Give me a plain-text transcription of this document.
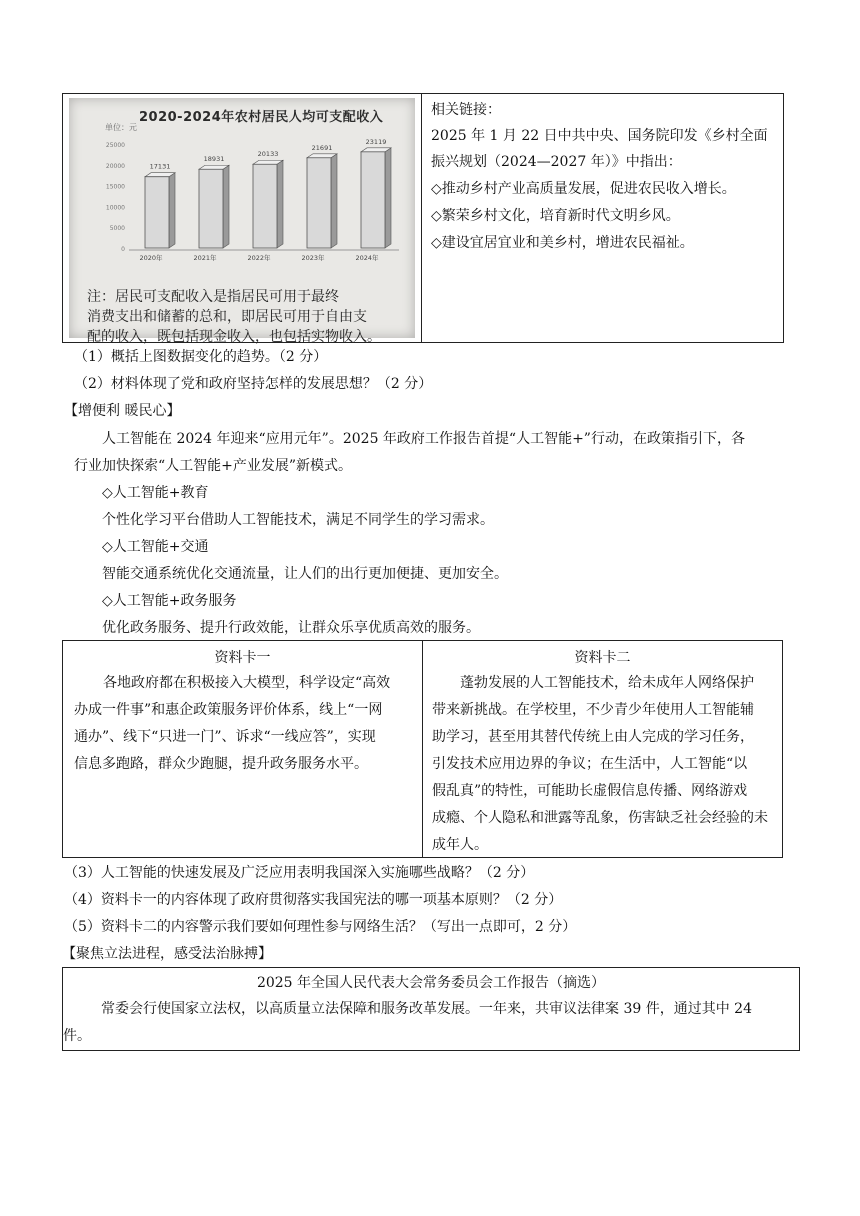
2020-2024年农村居民人均可支配收入
单位：元
25000
20000
15000
10000
5000
0
17131
2020年
18931
2021年
20133
2022年
21691
2023年
23119
2024年
注：居民可支配收入是指居民可用于最终
消费支出和储蓄的总和，即居民可用于自由支
配的收入，既包括现金收入，也包括实物收入。

相关链接：
2025 年 1 月 22 日中共中央、国务院印发《乡村全面
振兴规划（2024—2027 年）》中指出：
◇推动乡村产业高质量发展，促进农民收入增长。
◇繁荣乡村文化，培育新时代文明乡风。
◇建设宜居宜业和美乡村，增进农民福祉。
（1）概括上图数据变化的趋势。（2 分）
（2）材料体现了党和政府坚持怎样的发展思想？（2 分）
【增便利 暖民心】
人工智能在 2024 年迎来“应用元年”。2025 年政府工作报告首提“人工智能+”行动，在政策指引下，各
行业加快探索“人工智能+产业发展”新模式。
◇人工智能+教育
个性化学习平台借助人工智能技术，满足不同学生的学习需求。
◇人工智能+交通
智能交通系统优化交通流量，让人们的出行更加便捷、更加安全。
◇人工智能+政务服务
优化政务服务、提升行政效能，让群众乐享优质高效的服务。
资料卡一
各地政府都在积极接入大模型，科学设定“高效
办成一件事”和惠企政策服务评价体系，线上“一网
通办”、线下“只进一门”、诉求“一线应答”，实现
信息多跑路，群众少跑腿，提升政务服务水平。

资料卡二
蓬勃发展的人工智能技术，给未成年人网络保护
带来新挑战。在学校里，不少青少年使用人工智能辅
助学习，甚至用其替代传统上由人完成的学习任务，
引发技术应用边界的争议；在生活中，人工智能“以
假乱真”的特性，可能助长虚假信息传播、网络游戏
成瘾、个人隐私和泄露等乱象，伤害缺乏社会经验的未
成年人。
（3）人工智能的快速发展及广泛应用表明我国深入实施哪些战略？（2 分）
（4）资料卡一的内容体现了政府贯彻落实我国宪法的哪一项基本原则？（2 分）
（5）资料卡二的内容警示我们要如何理性参与网络生活？（写出一点即可，2 分）
【聚焦立法进程，感受法治脉搏】
2025 年全国人民代表大会常务委员会工作报告（摘选）
常委会行使国家立法权，以高质量立法保障和服务改革发展。一年来，共审议法律案 39 件，通过其中 24
件。
